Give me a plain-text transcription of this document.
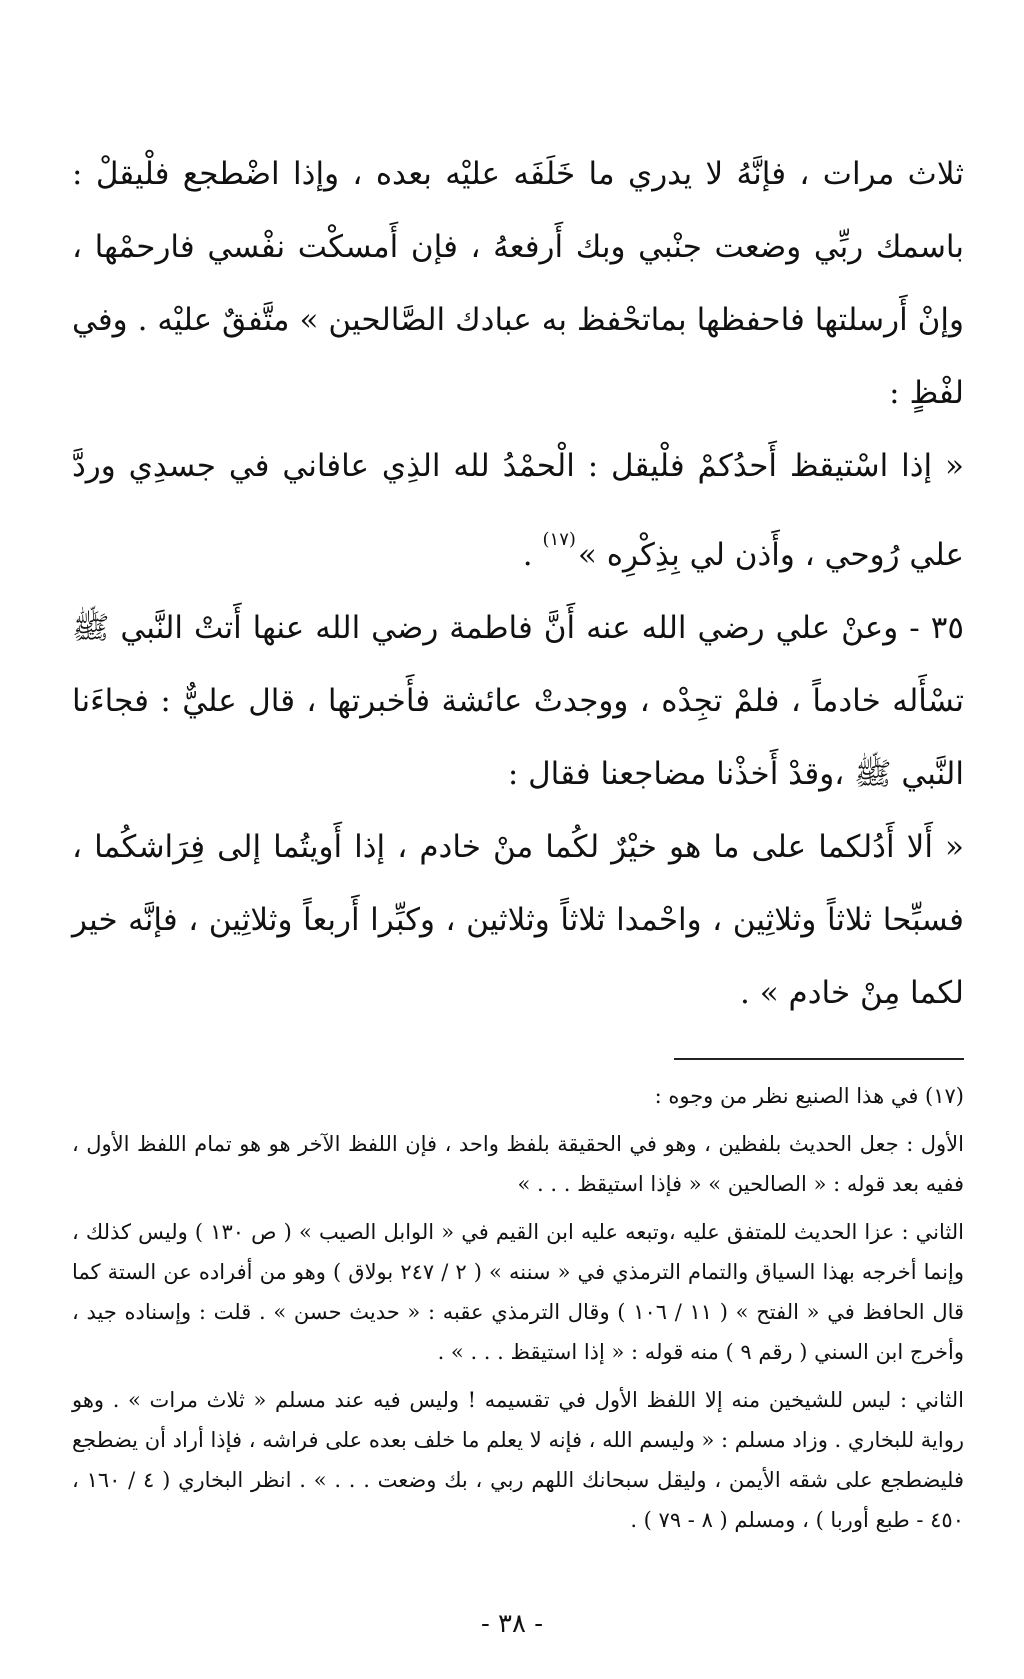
ثلاث مرات ، فإنَّهُ لا يدري ما خَلَفَه عليْه بعده ، وإذا اضْطجع فلْيقلْ : باسمك ربِّي وضعت جنْبي وبك أَرفعهُ ، فإن أَمسكْت نفْسي فارحمْها ، وإنْ أَرسلتها فاحفظها بماتحْفظ به عبادك الصَّالحين » متَّفقٌ عليْه . وفي لفْظٍ :

« إذا اسْتيقظ أَحدُكمْ فلْيقل : الْحمْدُ لله الذِي عافاني في جسدِي وردَّ علي رُوحي ، وأَذن لي بِذِكْرِه »$^{(١٧)}$ .

٣٥ - وعنْ علي رضي الله عنه أَنَّ فاطمة رضي الله عنها أَتتْ النَّبي ﷺ تسْأَله خادماً ، فلمْ تجِدْه ، ووجدتْ عائشة فأَخبرتها ، قال عليٌّ : فجاءَنا النَّبي ﷺ ،وقدْ أَخذْنا مضاجعنا فقال :

« أَلا أَدُلكما على ما هو خيْرٌ لكُما منْ خادم ، إذا أَويتُما إلى فِرَاشكُما ، فسبِّحا ثلاثاً وثلاثِين ، واحْمدا ثلاثاً وثلاثين ، وكبِّرا أَربعاً وثلاثِين ، فإنَّه خير لكما مِنْ خادم » .

(١٧) في هذا الصنيع نظر من وجوه :

الأول : جعل الحديث بلفظين ، وهو في الحقيقة بلفظ واحد ، فإن اللفظ الآخر هو هو تمام اللفظ الأول ، ففيه بعد قوله : « الصالحين » « فإذا استيقظ . . . »

الثاني : عزا الحديث للمتفق عليه ،وتبعه عليه ابن القيم في « الوابل الصيب » ( ص ١٣٠ ) وليس كذلك ، وإنما أخرجه بهذا السياق والتمام الترمذي في « سننه » ( ٢ / ٢٤٧ بولاق ) وهو من أفراده عن الستة كما قال الحافظ في « الفتح » ( ١١ / ١٠٦ ) وقال الترمذي عقبه : « حديث حسن » . قلت : وإسناده جيد ، وأخرج ابن السني ( رقم ٩ ) منه قوله : « إذا استيقظ . . . » .

الثاني : ليس للشيخين منه إلا اللفظ الأول في تقسيمه ! وليس فيه عند مسلم « ثلاث مرات » . وهو رواية للبخاري . وزاد مسلم : « وليسم الله ، فإنه لا يعلم ما خلف بعده على فراشه ، فإذا أراد أن يضطجع فليضطجع على شقه الأيمن ، وليقل سبحانك اللهم ربي ، بك وضعت . . . » . انظر البخاري ( ٤ / ١٦٠ ، ٤٥٠ - طبع أوربا ) ، ومسلم ( ٨ - ٧٩ ) .

- ٣٨ -
